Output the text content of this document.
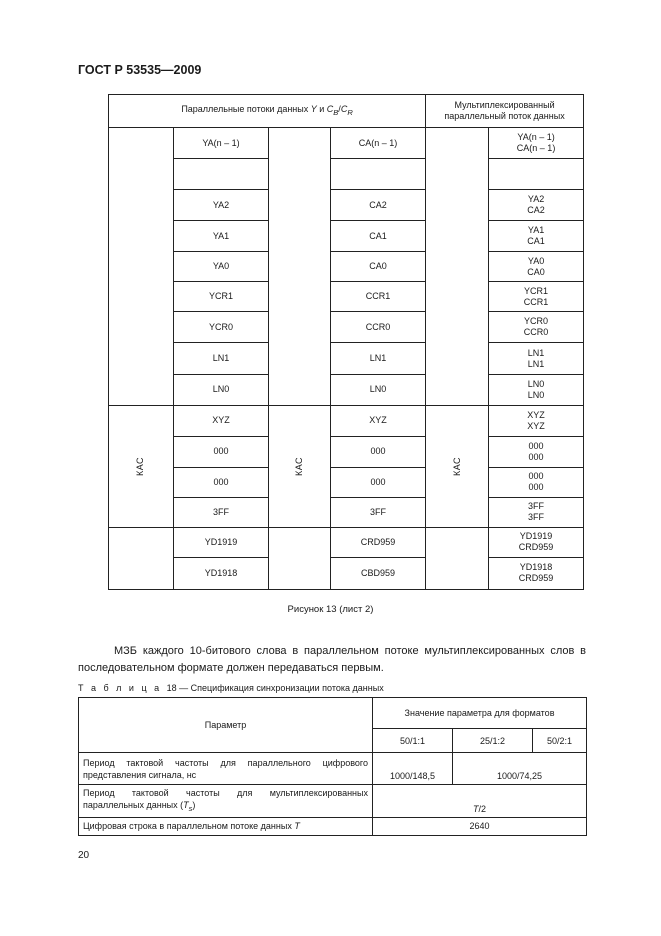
ГОСТ Р 53535—2009
Параллельные потоки данных Y и $C_B/C_R$				Мультиплексированный
параллельный поток данных	
	YA(n – 1)		CA(n – 1)		YA(n – 1)
CA(n – 1)

	YA2		CA2		YA2
CA2
	YA1		CA1		YA1
CA1
	YA0		CA0		YA0
CA0
	YCR1		CCR1		YCR1
CCR1
	YCR0		CCR0		YCR0
CCR0
	LN1		LN1		LN1
LN1
	LN0		LN0		LN0
LN0
КАС	XYZ	КАС	XYZ	КАС	XYZ
XYZ
	000		000		000
000
	000		000		000
000
	3FF		3FF		3FF
3FF
	YD1919		CRD959		YD1919
CRD959
	YD1918		CBD959		YD1918
CRD959
Рисунок 13 (лист 2)
МЗБ каждого 10-битового слова в параллельном потоке мультиплексированных слов в последовательном формате должен передаваться первым.
Т а б л и ц а 18 — Спецификация синхронизации потока данных
Параметр	Значение параметра для форматов		
	50/1:1	25/1:2	50/2:1
Период тактовой частоты для параллельного цифрового представления сигнала, нс	1000/148,5	1000/74,25	
Период тактовой частоты для мультиплексированных параллельных данных $(T_s)$	T/2		
Цифровая строка в параллельном потоке данных T	2640		
20
